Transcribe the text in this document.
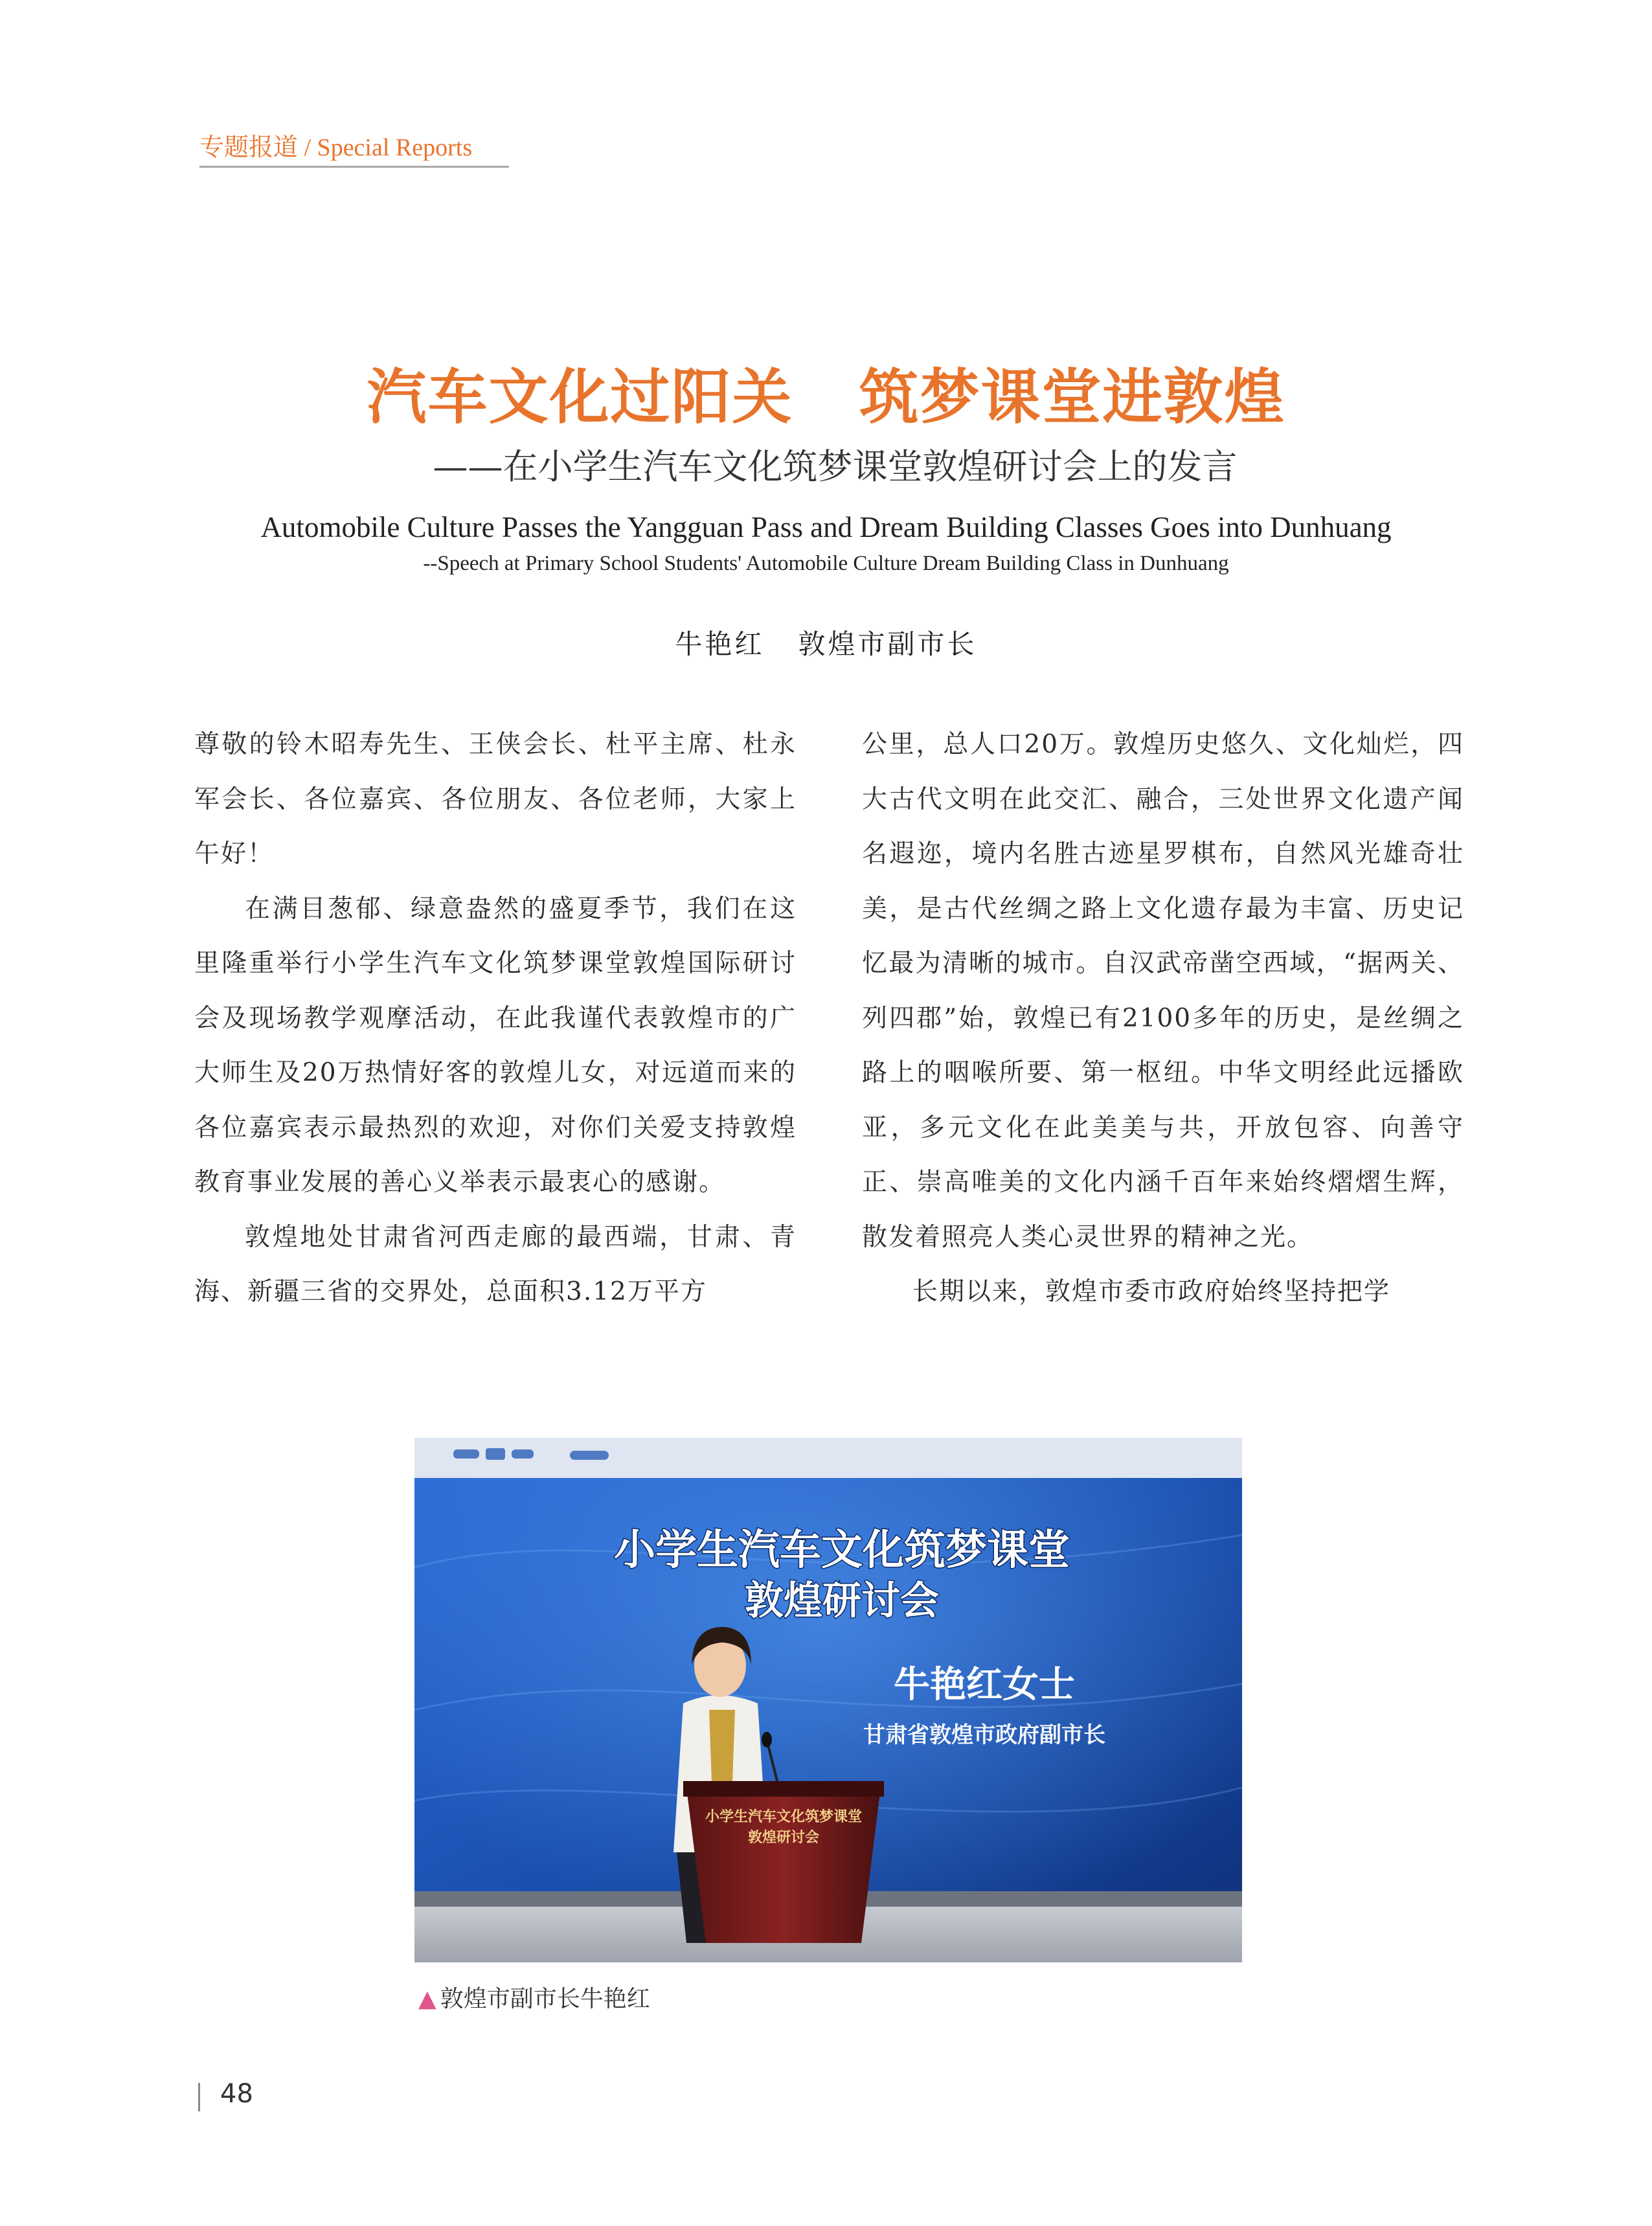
专题报道 / Special Reports
汽车文化过阳关   筑梦课堂进敦煌
——在小学生汽车文化筑梦课堂敦煌研讨会上的发言
Automobile Culture Passes the Yangguan Pass and Dream Building Classes Goes into Dunhuang
--Speech at Primary School Students' Automobile Culture Dream Building Class in Dunhuang
牛艳红   敦煌市副市长

尊敬的铃木昭寿先生、王侠会长、杜平主席、杜永军会长、各位嘉宾、各位朋友、各位老师，大家上午好！

在满目葱郁、绿意盎然的盛夏季节，我们在这里隆重举行小学生汽车文化筑梦课堂敦煌国际研讨会及现场教学观摩活动，在此我谨代表敦煌市的广大师生及20万热情好客的敦煌儿女，对远道而来的各位嘉宾表示最热烈的欢迎，对你们关爱支持敦煌教育事业发展的善心义举表示最衷心的感谢。

敦煌地处甘肃省河西走廊的最西端，甘肃、青海、新疆三省的交界处，总面积3.12万平方

公里，总人口20万。敦煌历史悠久、文化灿烂，四大古代文明在此交汇、融合，三处世界文化遗产闻名遐迩，境内名胜古迹星罗棋布，自然风光雄奇壮美，是古代丝绸之路上文化遗存最为丰富、历史记忆最为清晰的城市。自汉武帝凿空西域，“据两关、列四郡”始，敦煌已有2100多年的历史，是丝绸之路上的咽喉所要、第一枢纽。中华文明经此远播欧亚，多元文化在此美美与共，开放包容、向善守正、崇高唯美的文化内涵千百年来始终熠熠生辉，散发着照亮人类心灵世界的精神之光。

长期以来，敦煌市委市政府始终坚持把学

小学生汽车文化筑梦课堂
敦煌研讨会
牛艳红女士
甘肃省敦煌市政府副市长
小学生汽车文化筑梦课堂
敦煌研讨会
▲ 敦煌市副市长牛艳红
48
